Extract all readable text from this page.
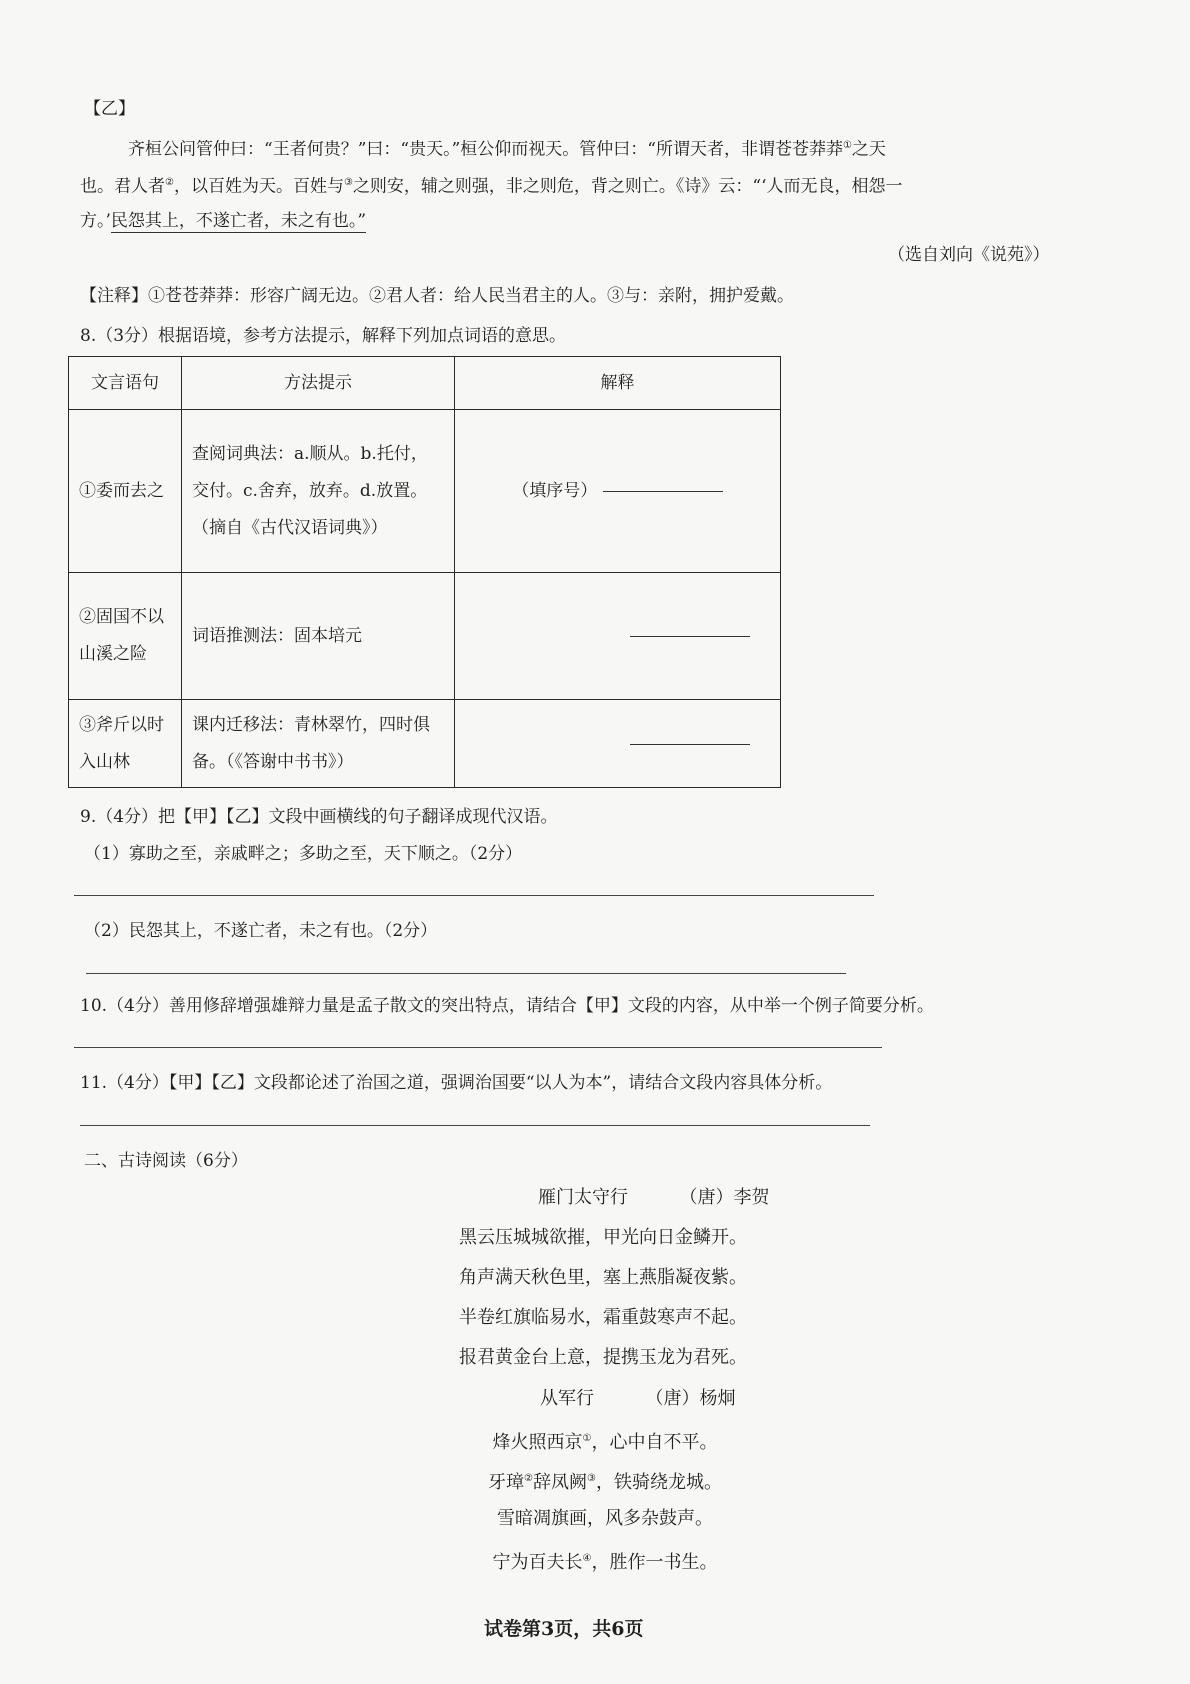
【乙】
齐桓公问管仲曰：“王者何贵？”曰：“贵天。”桓公仰而视天。管仲曰：“所谓天者，非谓苍苍莽莽①之天
也。君人者②，以百姓为天。百姓与③之则安，辅之则强，非之则危，背之则亡。《诗》云：“‘人而无良，相怨一
方。’民怨其上，不遂亡者，未之有也。”
（选自刘向《说苑》）
【注释】①苍苍莽莽：形容广阔无边。②君人者：给人民当君主的人。③与：亲附，拥护爱戴。
8.（3分）根据语境，参考方法提示，解释下列加点词语的意思。
文言语句	方法提示	解释
①委而去之	查阅词典法：a.顺从。b.托付，交付。c.舍弃，放弃。d.放置。（摘自《古代汉语词典》）	（填序号）
②固国不以山溪之险	词语推测法：固本培元	
③斧斤以时入山林	课内迁移法：青林翠竹，四时俱备。（《答谢中书书》）	
9.（4分）把【甲】【乙】文段中画横线的句子翻译成现代汉语。
（1）寡助之至，亲戚畔之；多助之至，天下顺之。（2分）
（2）民怨其上，不遂亡者，未之有也。（2分）
10.（4分）善用修辞增强雄辩力量是孟子散文的突出特点，请结合【甲】文段的内容，从中举一个例子简要分析。
11.（4分）【甲】【乙】文段都论述了治国之道，强调治国要“以人为本”，请结合文段内容具体分析。
二、古诗阅读（6分）
雁门太守行	（唐）李贺
黑云压城城欲摧，甲光向日金鳞开。
角声满天秋色里，塞上燕脂凝夜紫。
半卷红旗临易水，霜重鼓寒声不起。
报君黄金台上意，提携玉龙为君死。
从军行	（唐）杨炯
烽火照西京①，心中自不平。
牙璋②辞凤阙③，铁骑绕龙城。
雪暗凋旗画，风多杂鼓声。
宁为百夫长④，胜作一书生。
试卷第3页，共6页
